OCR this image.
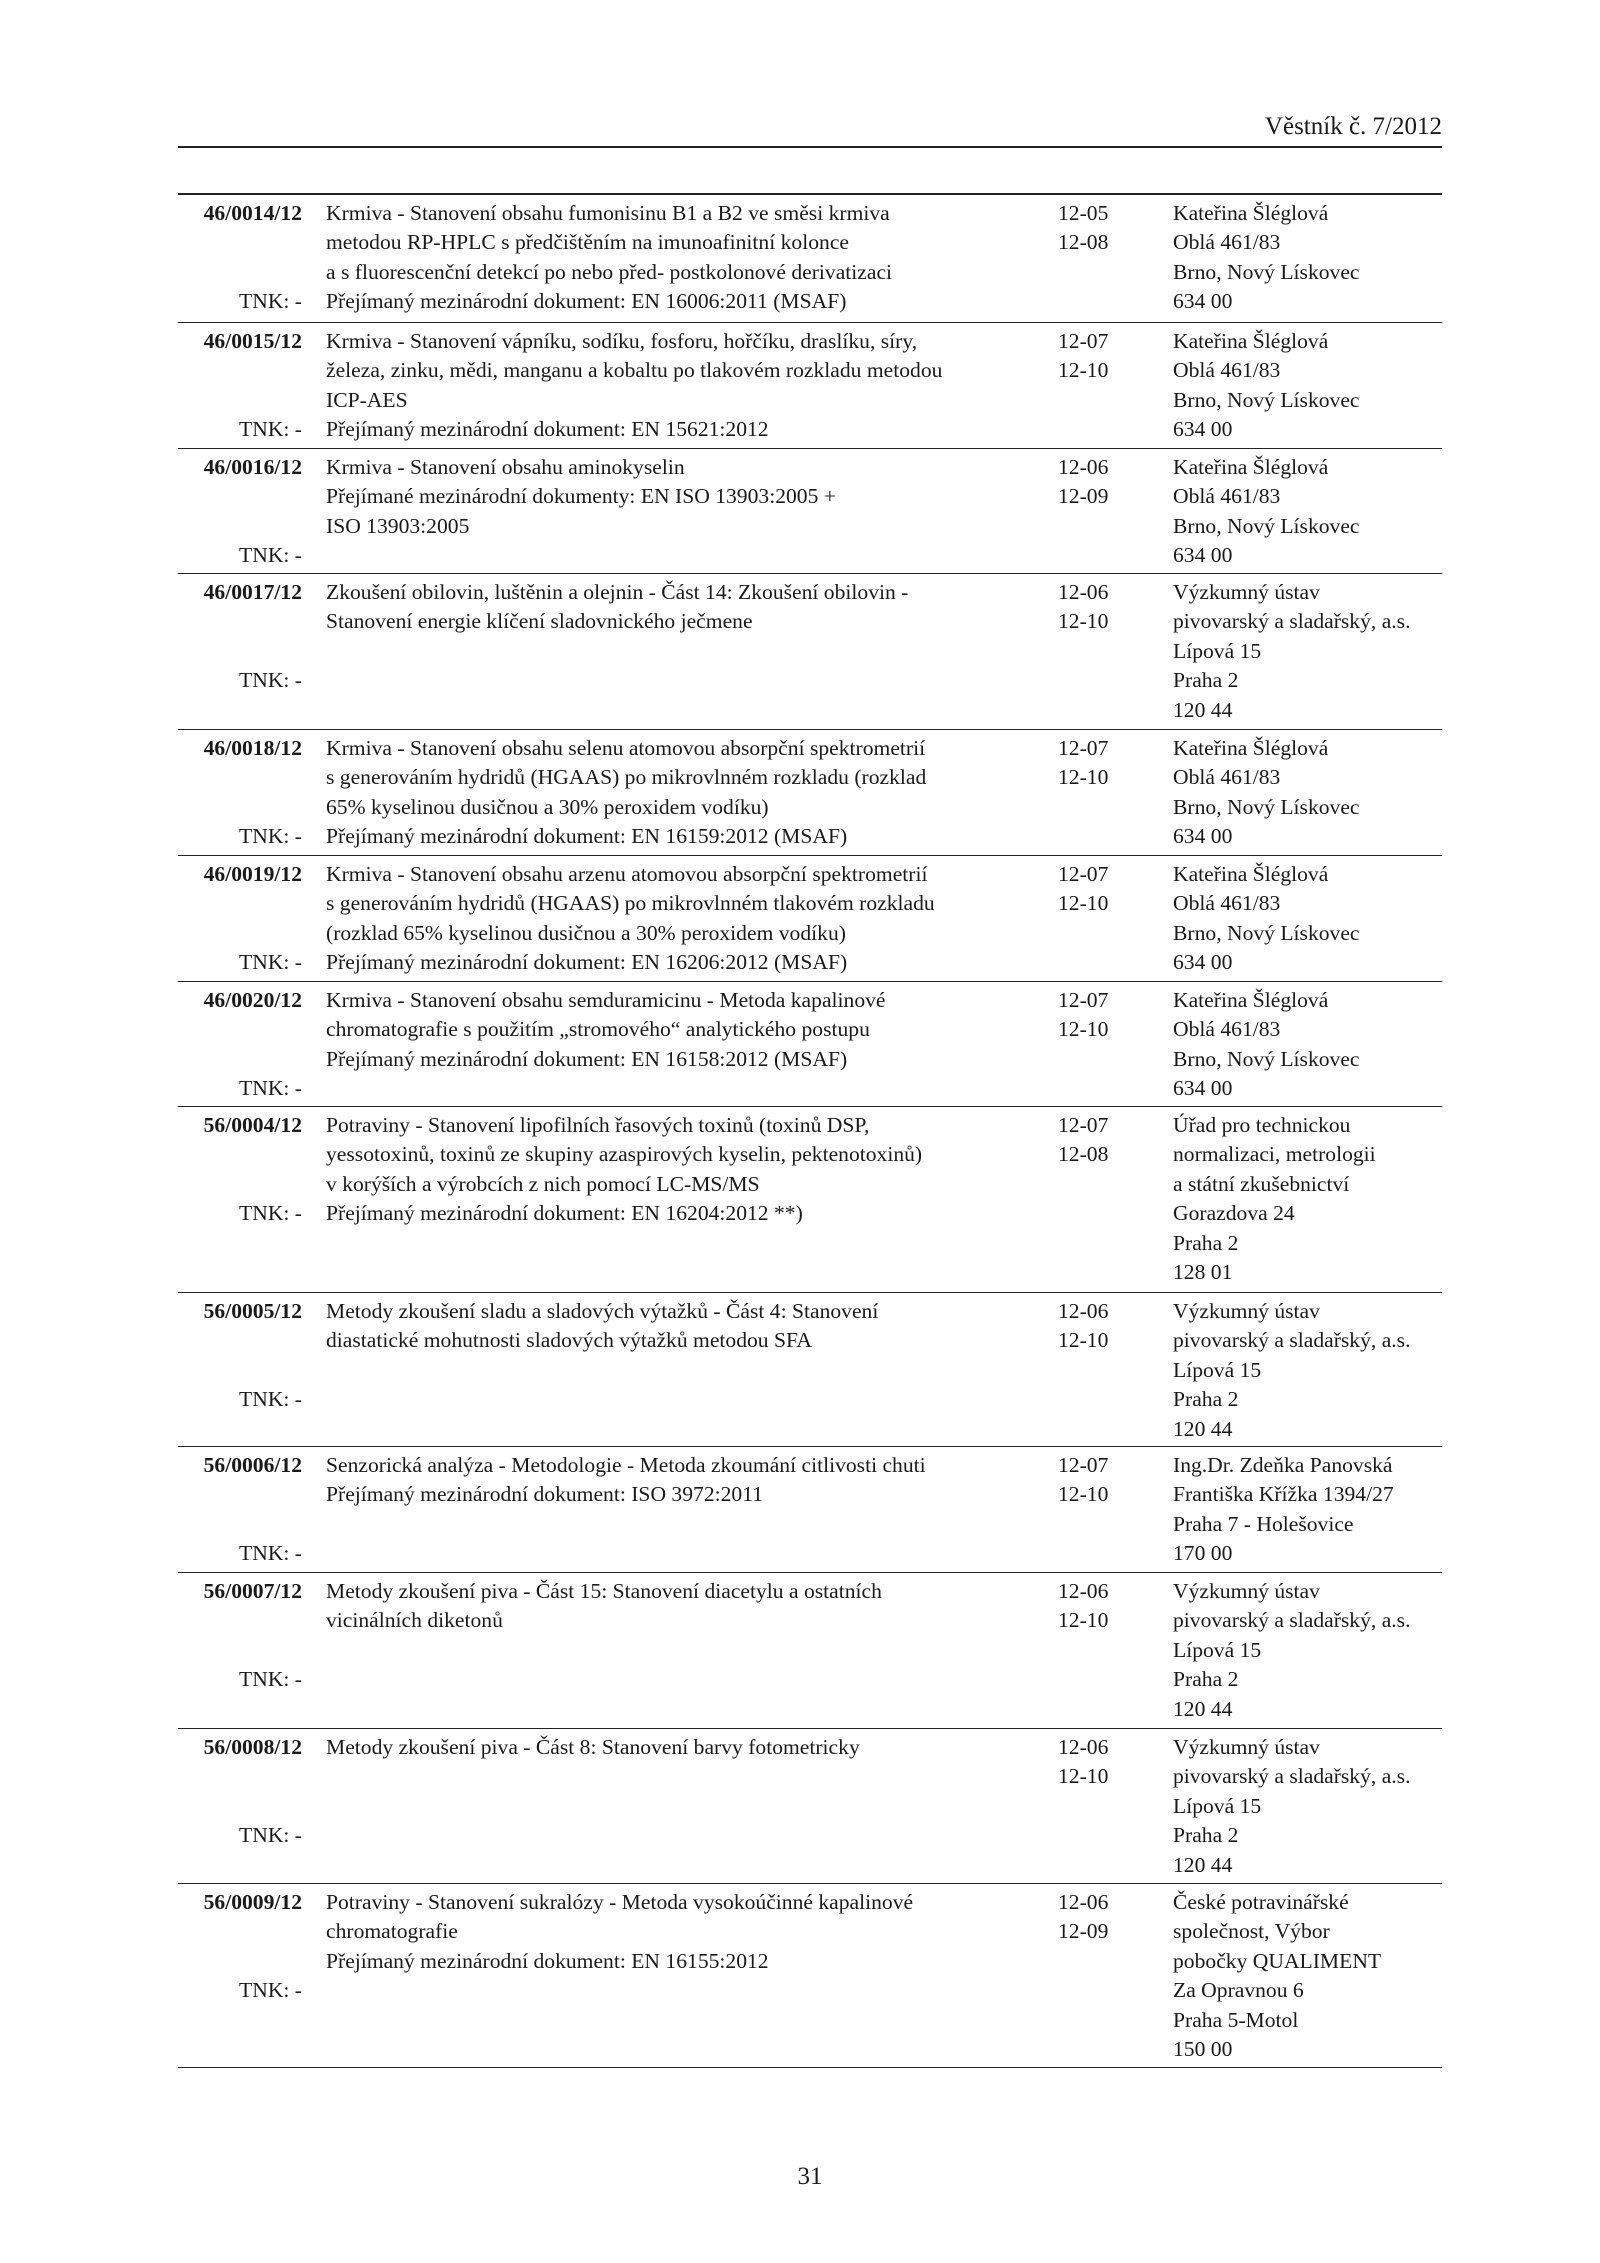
Věstník č. 7/2012
46/0014/12
TNK: -
Krmiva - Stanovení obsahu fumonisinu B1 a B2 ve směsi krmiva
metodou RP-HPLC s předčištěním na imunoafinitní kolonce
a s fluorescenční detekcí po nebo před- postkolonové derivatizaci
Přejímaný mezinárodní dokument: EN 16006:2011 (MSAF)
12-05
12-08
Kateřina Šléglová
Oblá 461/83
Brno, Nový Lískovec
634 00
46/0015/12
TNK: -
Krmiva - Stanovení vápníku, sodíku, fosforu, hořčíku, draslíku, síry,
železa, zinku, mědi, manganu a kobaltu po tlakovém rozkladu metodou
ICP-AES
Přejímaný mezinárodní dokument: EN 15621:2012
12-07
12-10
Kateřina Šléglová
Oblá 461/83
Brno, Nový Lískovec
634 00
46/0016/12
TNK: -
Krmiva - Stanovení obsahu aminokyselin
Přejímané mezinárodní dokumenty: EN ISO 13903:2005 +
ISO 13903:2005
12-06
12-09
Kateřina Šléglová
Oblá 461/83
Brno, Nový Lískovec
634 00
46/0017/12
TNK: -
Zkoušení obilovin, luštěnin a olejnin - Část 14: Zkoušení obilovin -
Stanovení energie klíčení sladovnického ječmene
12-06
12-10
Výzkumný ústav
pivovarský a sladařský, a.s.
Lípová 15
Praha 2
120 44
46/0018/12
TNK: -
Krmiva - Stanovení obsahu selenu atomovou absorpční spektrometrií
s generováním hydridů (HGAAS) po mikrovlnném rozkladu (rozklad
65% kyselinou dusičnou a 30% peroxidem vodíku)
Přejímaný mezinárodní dokument: EN 16159:2012 (MSAF)
12-07
12-10
Kateřina Šléglová
Oblá 461/83
Brno, Nový Lískovec
634 00
46/0019/12
TNK: -
Krmiva - Stanovení obsahu arzenu atomovou absorpční spektrometrií
s generováním hydridů (HGAAS) po mikrovlnném tlakovém rozkladu
(rozklad 65% kyselinou dusičnou a 30% peroxidem vodíku)
Přejímaný mezinárodní dokument: EN 16206:2012 (MSAF)
12-07
12-10
Kateřina Šléglová
Oblá 461/83
Brno, Nový Lískovec
634 00
46/0020/12
TNK: -
Krmiva - Stanovení obsahu semduramicinu - Metoda kapalinové
chromatografie s použitím „stromového“ analytického postupu
Přejímaný mezinárodní dokument: EN 16158:2012 (MSAF)
12-07
12-10
Kateřina Šléglová
Oblá 461/83
Brno, Nový Lískovec
634 00
56/0004/12
TNK: -
Potraviny - Stanovení lipofilních řasových toxinů (toxinů DSP,
yessotoxinů, toxinů ze skupiny azaspirových kyselin, pektenotoxinů)
v korýších a výrobcích z nich pomocí LC-MS/MS
Přejímaný mezinárodní dokument: EN 16204:2012 **)
12-07
12-08
Úřad pro technickou
normalizaci, metrologii
a státní zkušebnictví
Gorazdova 24
Praha 2
128 01
56/0005/12
TNK: -
Metody zkoušení sladu a sladových výtažků - Část 4: Stanovení
diastatické mohutnosti sladových výtažků metodou SFA
12-06
12-10
Výzkumný ústav
pivovarský a sladařský, a.s.
Lípová 15
Praha 2
120 44
56/0006/12
TNK: -
Senzorická analýza - Metodologie - Metoda zkoumání citlivosti chuti
Přejímaný mezinárodní dokument: ISO 3972:2011
12-07
12-10
Ing.Dr. Zdeňka Panovská
Františka Křížka 1394/27
Praha 7 - Holešovice
170 00
56/0007/12
TNK: -
Metody zkoušení piva - Část 15: Stanovení diacetylu a ostatních
vicinálních diketonů
12-06
12-10
Výzkumný ústav
pivovarský a sladařský, a.s.
Lípová 15
Praha 2
120 44
56/0008/12
TNK: -
Metody zkoušení piva - Část 8: Stanovení barvy fotometricky	12-06
12-10
Výzkumný ústav
pivovarský a sladařský, a.s.
Lípová 15
Praha 2
120 44
56/0009/12
TNK: -
Potraviny - Stanovení sukralózy - Metoda vysokoúčinné kapalinové
chromatografie
Přejímaný mezinárodní dokument: EN 16155:2012
12-06
12-09
České potravinářské
společnost, Výbor
pobočky QUALIMENT
Za Opravnou 6
Praha 5-Motol
150 00
31
